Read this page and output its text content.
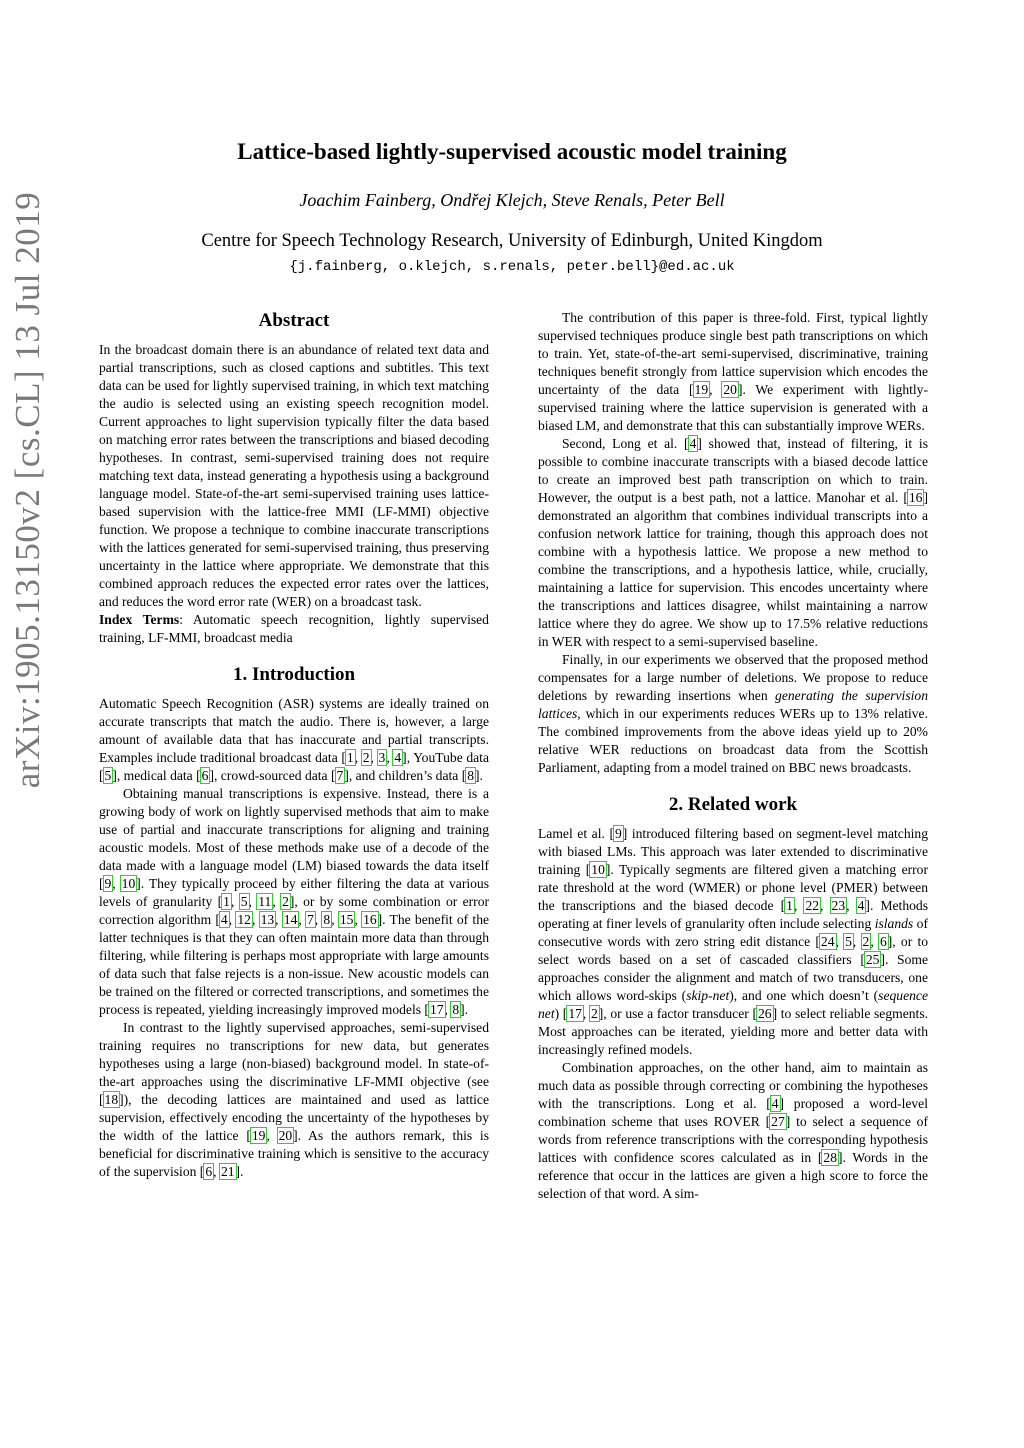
arXiv:1905.13150v2 [cs.CL] 13 Jul 2019
Lattice-based lightly-supervised acoustic model training
Joachim Fainberg, Ondřej Klejch, Steve Renals, Peter Bell
Centre for Speech Technology Research, University of Edinburgh, United Kingdom
{j.fainberg, o.klejch, s.renals, peter.bell}@ed.ac.uk
Abstract

In the broadcast domain there is an abundance of related text data and partial transcriptions, such as closed captions and subtitles. This text data can be used for lightly supervised training, in which text matching the audio is selected using an existing speech recognition model. Current approaches to light supervision typically filter the data based on matching error rates between the transcriptions and biased decoding hypotheses. In contrast, semi-supervised training does not require matching text data, instead generating a hypothesis using a background language model. State-of-the-art semi-supervised training uses lattice-based supervision with the lattice-free MMI (LF-MMI) objective function. We propose a technique to combine inaccurate transcriptions with the lattices generated for semi-supervised training, thus preserving uncertainty in the lattice where appropriate. We demonstrate that this combined approach reduces the expected error rates over the lattices, and reduces the word error rate (WER) on a broadcast task.

Index Terms: Automatic speech recognition, lightly supervised training, LF-MMI, broadcast media

1. Introduction

Automatic Speech Recognition (ASR) systems are ideally trained on accurate transcripts that match the audio. There is, however, a large amount of available data that has inaccurate and partial transcripts. Examples include traditional broadcast data [1, 2, 3, 4], YouTube data [5], medical data [6], crowd-sourced data [7], and children’s data [8].

Obtaining manual transcriptions is expensive. Instead, there is a growing body of work on lightly supervised methods that aim to make use of partial and inaccurate transcriptions for aligning and training acoustic models. Most of these methods make use of a decode of the data made with a language model (LM) biased towards the data itself [9, 10]. They typically proceed by either filtering the data at various levels of granularity [1, 5, 11, 2], or by some combination or error correction algorithm [4, 12, 13, 14, 7, 8, 15, 16]. The benefit of the latter techniques is that they can often maintain more data than through filtering, while filtering is perhaps most appropriate with large amounts of data such that false rejects is a non-issue. New acoustic models can be trained on the filtered or corrected transcriptions, and sometimes the process is repeated, yielding increasingly improved models [17, 8].

In contrast to the lightly supervised approaches, semi-supervised training requires no transcriptions for new data, but generates hypotheses using a large (non-biased) background model. In state-of-the-art approaches using the discriminative LF-MMI objective (see [18]), the decoding lattices are maintained and used as lattice supervision, effectively encoding the uncertainty of the hypotheses by the width of the lattice [19, 20]. As the authors remark, this is beneficial for discriminative training which is sensitive to the accuracy of the supervision [6, 21].

The contribution of this paper is three-fold. First, typical lightly supervised techniques produce single best path transcriptions on which to train. Yet, state-of-the-art semi-supervised, discriminative, training techniques benefit strongly from lattice supervision which encodes the uncertainty of the data [19, 20]. We experiment with lightly-supervised training where the lattice supervision is generated with a biased LM, and demonstrate that this can substantially improve WERs.

Second, Long et al. [4] showed that, instead of filtering, it is possible to combine inaccurate transcripts with a biased decode lattice to create an improved best path transcription on which to train. However, the output is a best path, not a lattice. Manohar et al. [16] demonstrated an algorithm that combines individual transcripts into a confusion network lattice for training, though this approach does not combine with a hypothesis lattice. We propose a new method to combine the transcriptions, and a hypothesis lattice, while, crucially, maintaining a lattice for supervision. This encodes uncertainty where the transcriptions and lattices disagree, whilst maintaining a narrow lattice where they do agree. We show up to 17.5% relative reductions in WER with respect to a semi-supervised baseline.

Finally, in our experiments we observed that the proposed method compensates for a large number of deletions. We propose to reduce deletions by rewarding insertions when generating the supervision lattices, which in our experiments reduces WERs up to 13% relative. The combined improvements from the above ideas yield up to 20% relative WER reductions on broadcast data from the Scottish Parliament, adapting from a model trained on BBC news broadcasts.

2. Related work

Lamel et al. [9] introduced filtering based on segment-level matching with biased LMs. This approach was later extended to discriminative training [10]. Typically segments are filtered given a matching error rate threshold at the word (WMER) or phone level (PMER) between the transcriptions and the biased decode [1, 22, 23, 4]. Methods operating at finer levels of granularity often include selecting islands of consecutive words with zero string edit distance [24, 5, 2, 6], or to select words based on a set of cascaded classifiers [25]. Some approaches consider the alignment and match of two transducers, one which allows word-skips (skip-net), and one which doesn’t (sequence net) [17, 2], or use a factor transducer [26] to select reliable segments. Most approaches can be iterated, yielding more and better data with increasingly refined models.

Combination approaches, on the other hand, aim to maintain as much data as possible through correcting or combining the hypotheses with the transcriptions. Long et al. [4] proposed a word-level combination scheme that uses ROVER [27] to select a sequence of words from reference transcriptions with the corresponding hypothesis lattices with confidence scores calculated as in [28]. Words in the reference that occur in the lattices are given a high score to force the selection of that word. A sim-
